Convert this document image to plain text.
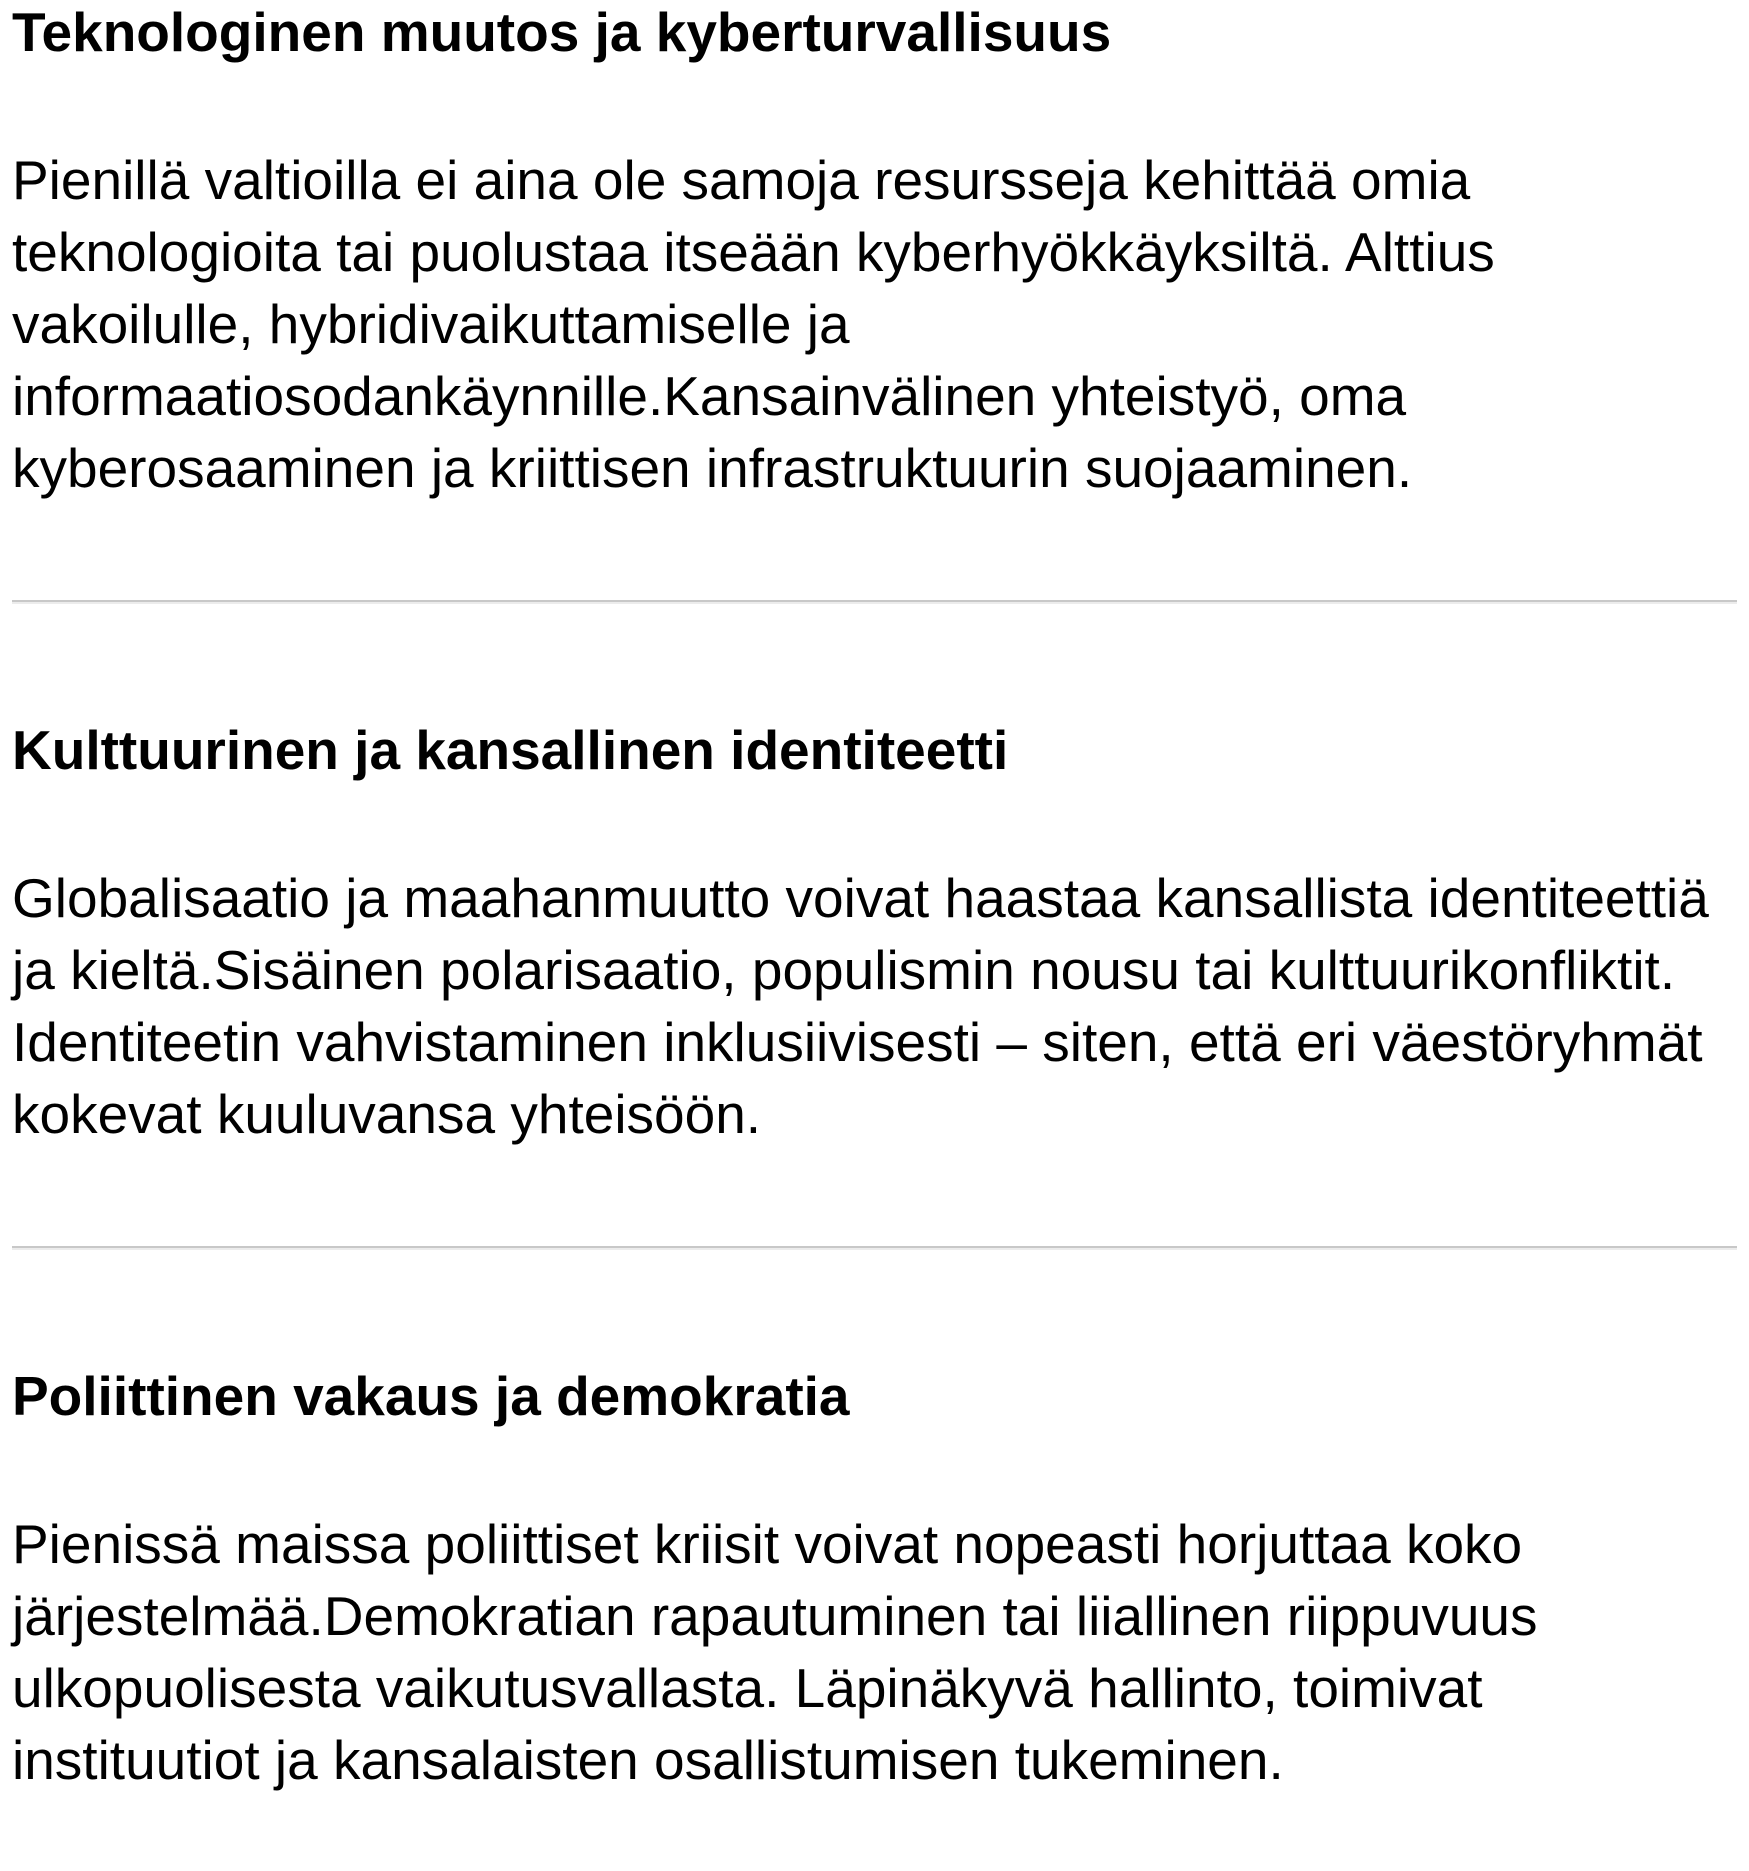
Teknologinen muutos ja kyberturvallisuus

Pienillä valtioilla ei aina ole samoja resursseja kehittää omia teknologioita tai puolustaa itseään kyberhyökkäyksiltä. Alttius vakoilulle, hybridivaikuttamiselle ja informaatiosodankäynnille.Kansainvälinen yhteistyö, oma kyberosaaminen ja kriittisen infrastruktuurin suojaaminen.

Kulttuurinen ja kansallinen identiteetti

Globalisaatio ja maahanmuutto voivat haastaa kansallista identiteettiä ja kieltä.Sisäinen polarisaatio, populismin nousu tai kulttuurikonfliktit. Identiteetin vahvistaminen inklusiivisesti – siten, että eri väestöryhmät kokevat kuuluvansa yhteisöön.

Poliittinen vakaus ja demokratia

Pienissä maissa poliittiset kriisit voivat nopeasti horjuttaa koko järjestelmää.Demokratian rapautuminen tai liiallinen riippuvuus ulkopuolisesta vaikutusvallasta. Läpinäkyvä hallinto, toimivat instituutiot ja kansalaisten osallistumisen tukeminen.
